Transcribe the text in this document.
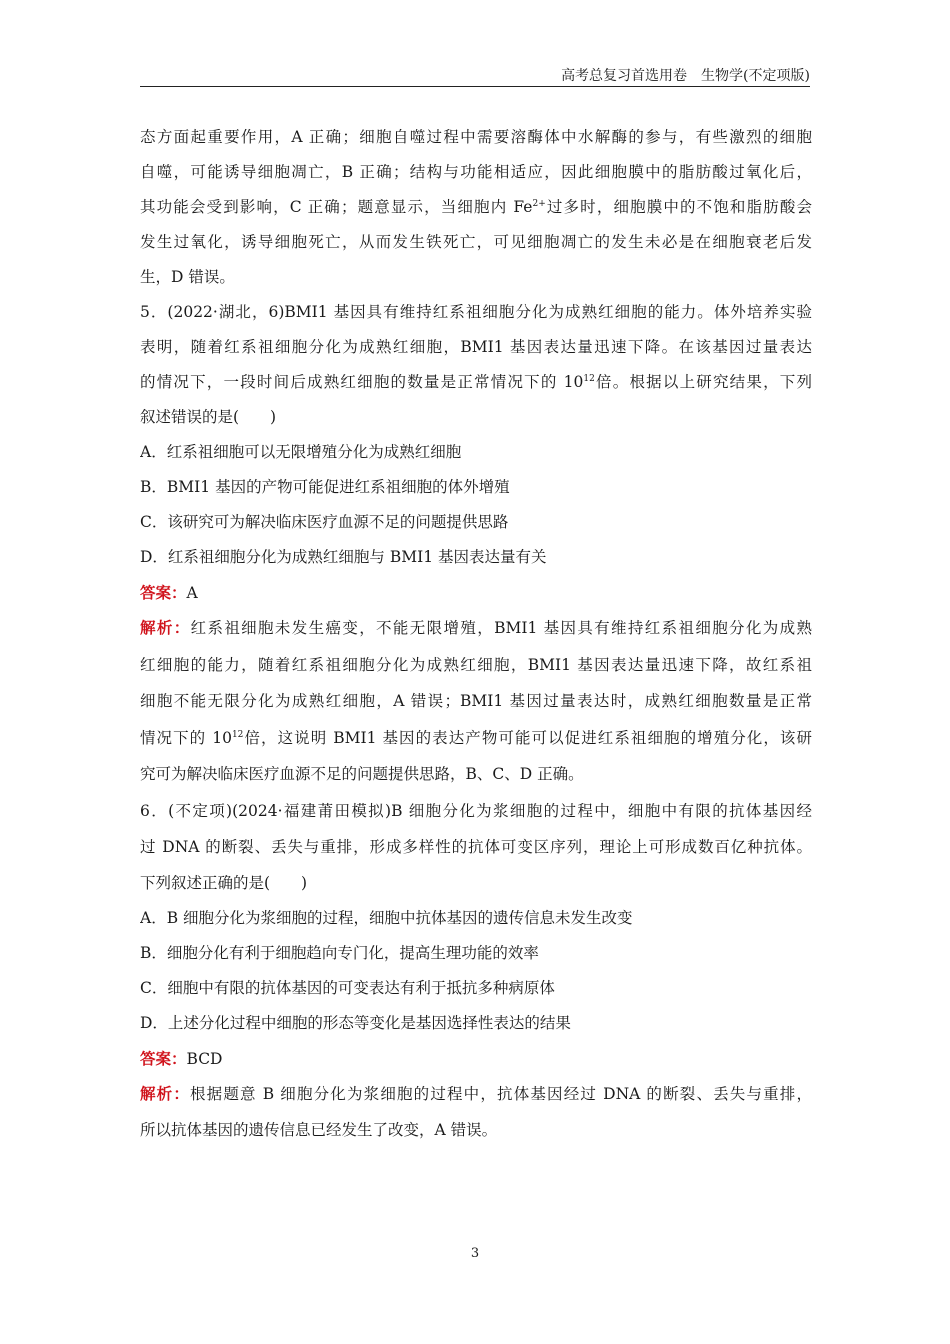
高考总复习首选用卷　生物学(不定项版)
态方面起重要作用，A 正确；细胞自噬过程中需要溶酶体中水解酶的参与，有些激烈的细胞
自噬，可能诱导细胞凋亡，B 正确；结构与功能相适应，因此细胞膜中的脂肪酸过氧化后，
其功能会受到影响，C 正确；题意显示，当细胞内 $Fe^{2+}$过多时，细胞膜中的不饱和脂肪酸会
发生过氧化，诱导细胞死亡，从而发生铁死亡，可见细胞凋亡的发生未必是在细胞衰老后发
生，D 错误。
5．(2022·湖北，6)BMI1 基因具有维持红系祖细胞分化为成熟红细胞的能力。体外培养实验
表明，随着红系祖细胞分化为成熟红细胞，BMI1 基因表达量迅速下降。在该基因过量表达
的情况下，一段时间后成熟红细胞的数量是正常情况下的 $10^{12}$倍。根据以上研究结果，下列
叙述错误的是(　　)
A．红系祖细胞可以无限增殖分化为成熟红细胞
B．BMI1 基因的产物可能促进红系祖细胞的体外增殖
C．该研究可为解决临床医疗血源不足的问题提供思路
D．红系祖细胞分化为成熟红细胞与 BMI1 基因表达量有关
答案：A
解析：红系祖细胞未发生癌变，不能无限增殖，BMI1 基因具有维持红系祖细胞分化为成熟
红细胞的能力，随着红系祖细胞分化为成熟红细胞，BMI1 基因表达量迅速下降，故红系祖
细胞不能无限分化为成熟红细胞，A 错误；BMI1 基因过量表达时，成熟红细胞数量是正常
情况下的 $10^{12}$倍，这说明 BMI1 基因的表达产物可能可以促进红系祖细胞的增殖分化，该研
究可为解决临床医疗血源不足的问题提供思路，B、C、D 正确。
6．(不定项)(2024·福建莆田模拟)B 细胞分化为浆细胞的过程中，细胞中有限的抗体基因经
过 DNA 的断裂、丢失与重排，形成多样性的抗体可变区序列，理论上可形成数百亿种抗体。
下列叙述正确的是(　　)
A．B 细胞分化为浆细胞的过程，细胞中抗体基因的遗传信息未发生改变
B．细胞分化有利于细胞趋向专门化，提高生理功能的效率
C．细胞中有限的抗体基因的可变表达有利于抵抗多种病原体
D．上述分化过程中细胞的形态等变化是基因选择性表达的结果
答案：BCD
解析：根据题意 B 细胞分化为浆细胞的过程中，抗体基因经过 DNA 的断裂、丢失与重排，
所以抗体基因的遗传信息已经发生了改变，A 错误。
3
